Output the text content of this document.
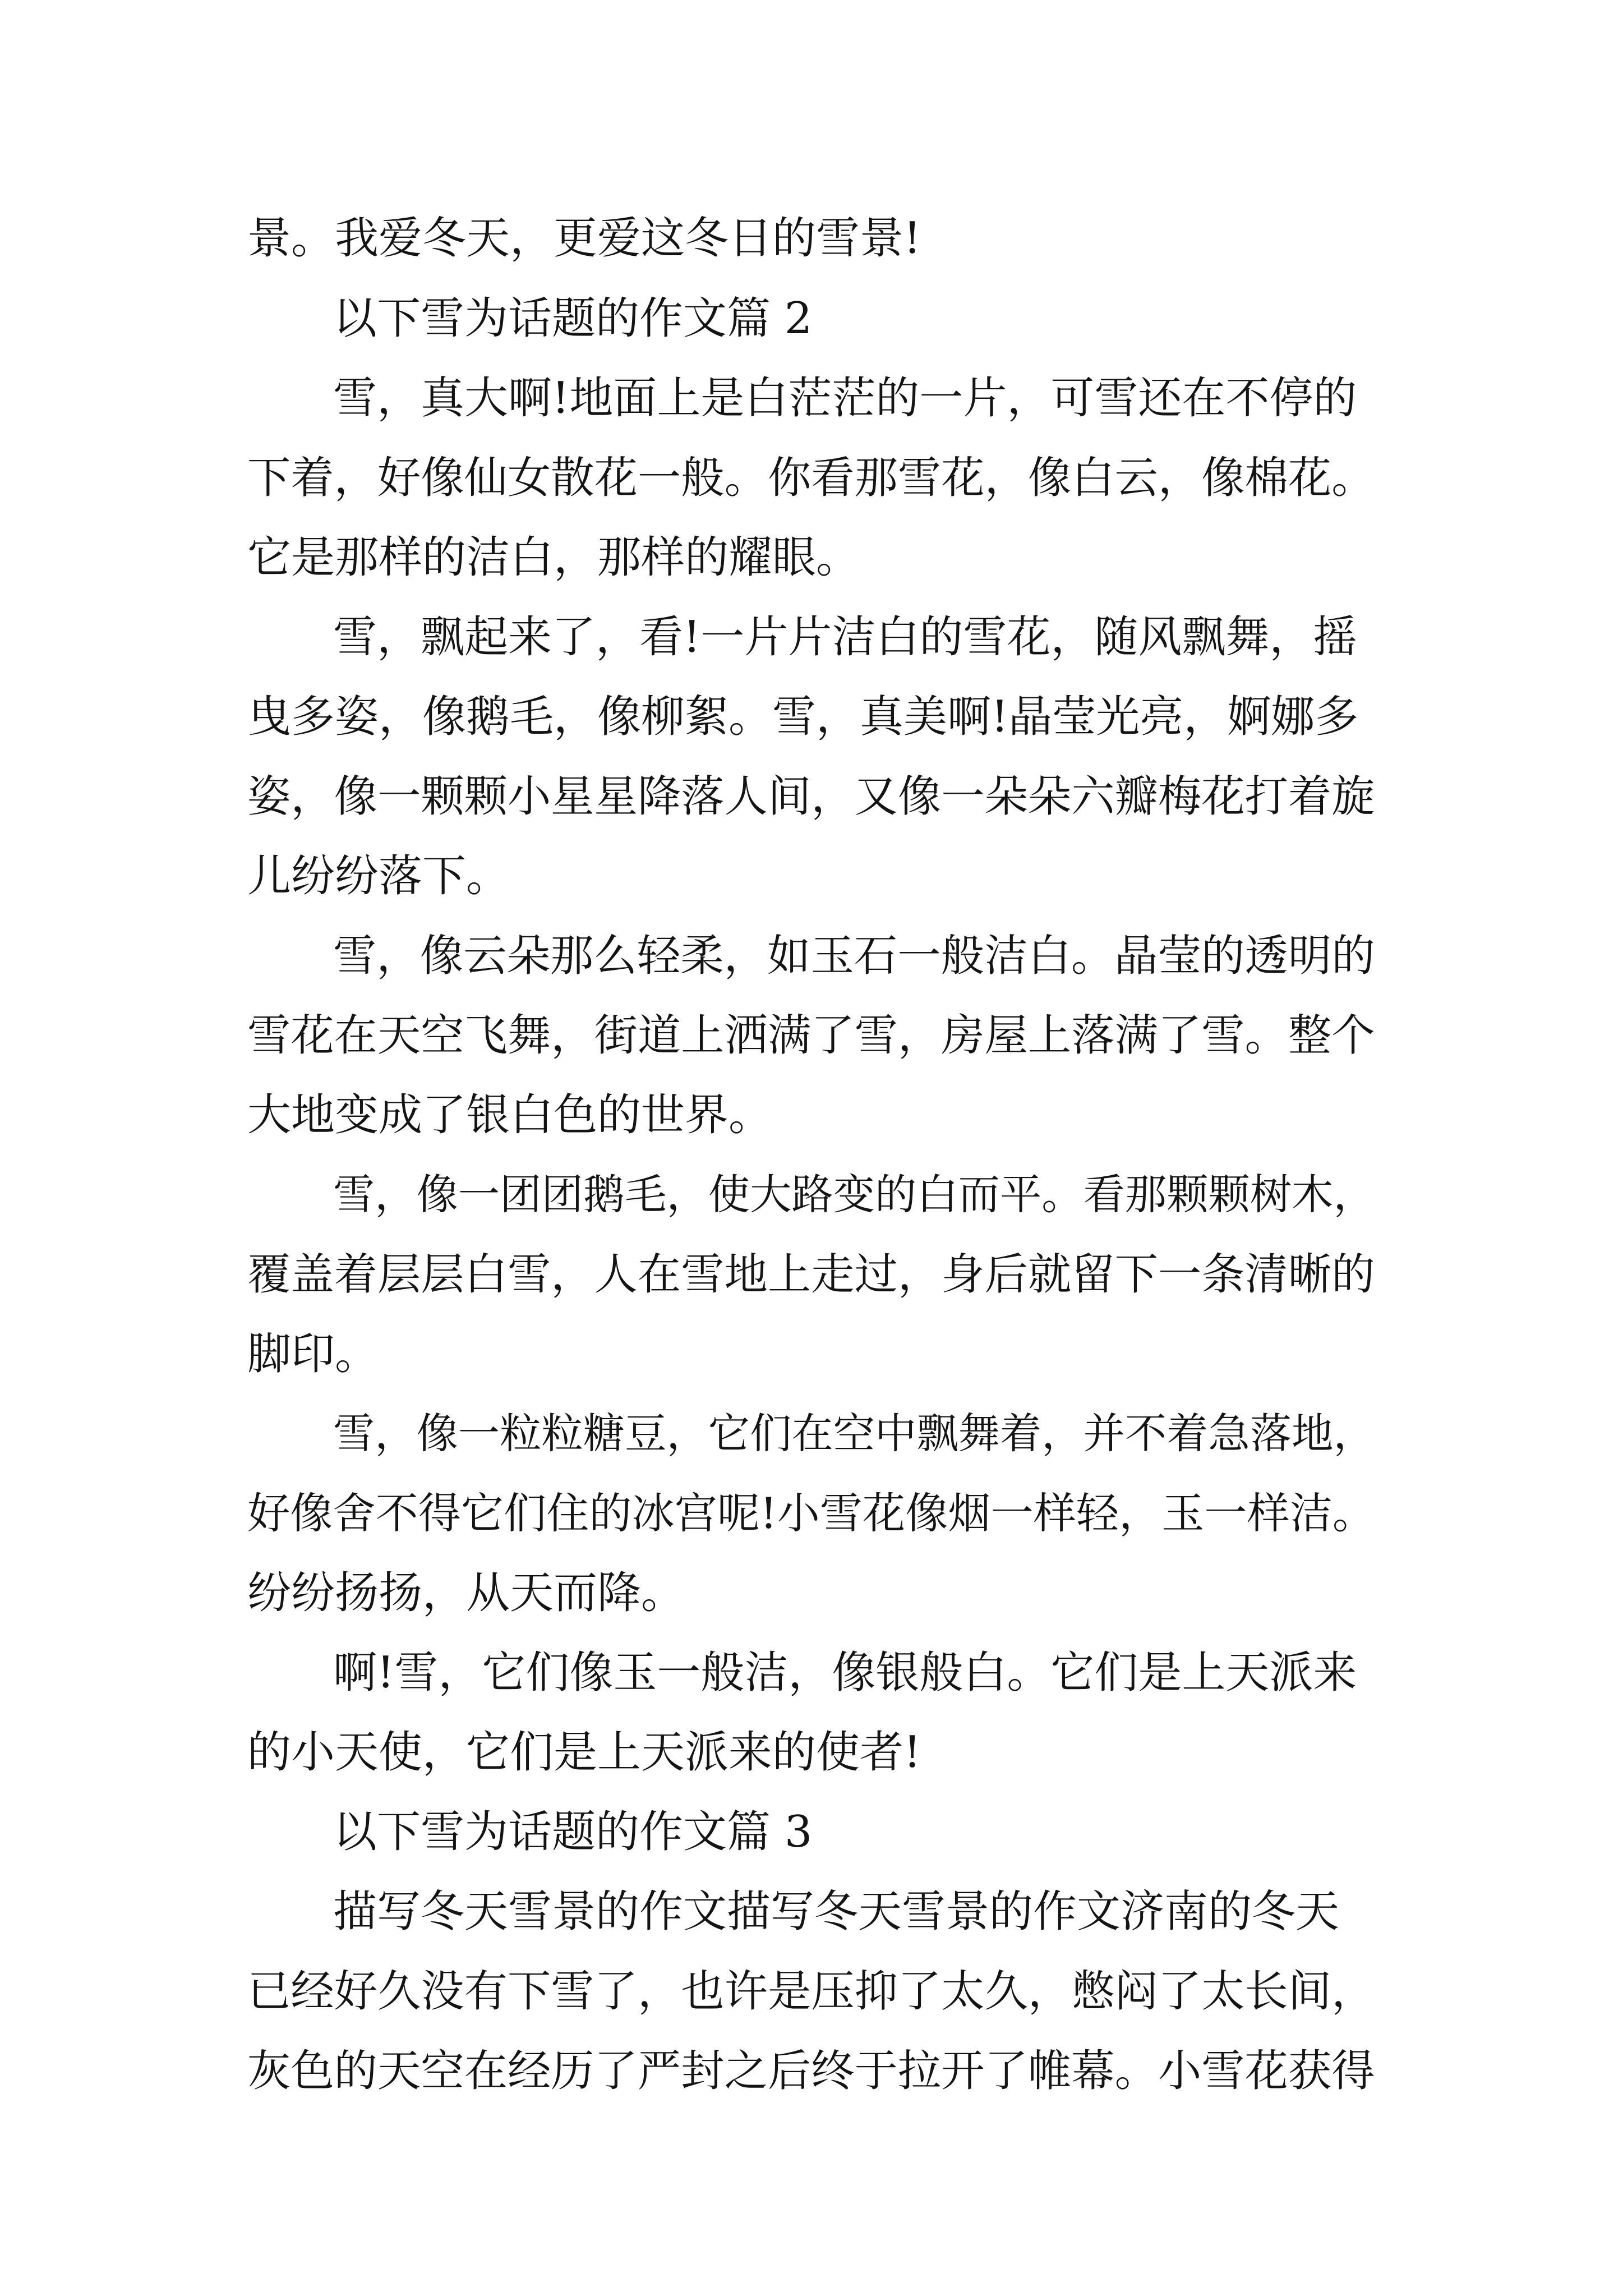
景。我爱冬天，更爱这冬日的雪景!

以下雪为话题的作文篇 2

雪，真大啊!地面上是白茫茫的一片，可雪还在不停的

下着，好像仙女散花一般。你看那雪花，像白云，像棉花。

它是那样的洁白，那样的耀眼。

雪，飘起来了，看!一片片洁白的雪花，随风飘舞，摇

曳多姿，像鹅毛，像柳絮。雪，真美啊!晶莹光亮，婀娜多

姿，像一颗颗小星星降落人间，又像一朵朵六瓣梅花打着旋

儿纷纷落下。

雪，像云朵那么轻柔，如玉石一般洁白。晶莹的透明的

雪花在天空飞舞，街道上洒满了雪，房屋上落满了雪。整个

大地变成了银白色的世界。

雪，像一团团鹅毛，使大路变的白而平。看那颗颗树木，

覆盖着层层白雪，人在雪地上走过，身后就留下一条清晰的

脚印。

雪，像一粒粒糖豆，它们在空中飘舞着，并不着急落地，

好像舍不得它们住的冰宫呢!小雪花像烟一样轻，玉一样洁。

纷纷扬扬，从天而降。

啊!雪，它们像玉一般洁，像银般白。它们是上天派来

的小天使，它们是上天派来的使者!

以下雪为话题的作文篇 3

描写冬天雪景的作文描写冬天雪景的作文济南的冬天

已经好久没有下雪了，也许是压抑了太久，憋闷了太长间，

灰色的天空在经历了严封之后终于拉开了帷幕。小雪花获得
